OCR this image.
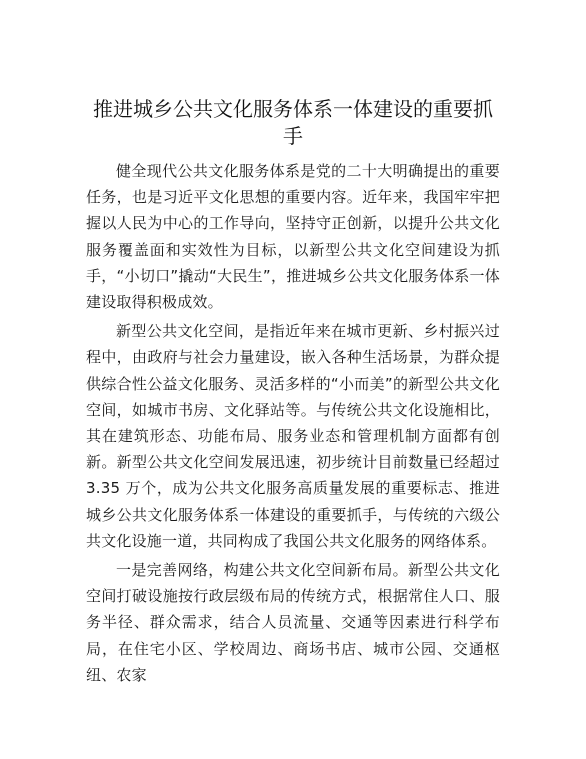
推进城乡公共文化服务体系一体建设的重要抓手

健全现代公共文化服务体系是党的二十大明确提出的重要任务，也是习近平文化思想的重要内容。近年来，我国牢牢把握以人民为中心的工作导向，坚持守正创新，以提升公共文化服务覆盖面和实效性为目标，以新型公共文化空间建设为抓手，“小切口”撬动“大民生”，推进城乡公共文化服务体系一体建设取得积极成效。

新型公共文化空间，是指近年来在城市更新、乡村振兴过程中，由政府与社会力量建设，嵌入各种生活场景，为群众提供综合性公益文化服务、灵活多样的“小而美”的新型公共文化空间，如城市书房、文化驿站等。与传统公共文化设施相比，其在建筑形态、功能布局、服务业态和管理机制方面都有创新。新型公共文化空间发展迅速，初步统计目前数量已经超过 3.35 万个，成为公共文化服务高质量发展的重要标志、推进城乡公共文化服务体系一体建设的重要抓手，与传统的六级公共文化设施一道，共同构成了我国公共文化服务的网络体系。

一是完善网络，构建公共文化空间新布局。新型公共文化空间打破设施按行政层级布局的传统方式，根据常住人口、服务半径、群众需求，结合人员流量、交通等因素进行科学布局，在住宅小区、学校周边、商场书店、城市公园、交通枢纽、农家
